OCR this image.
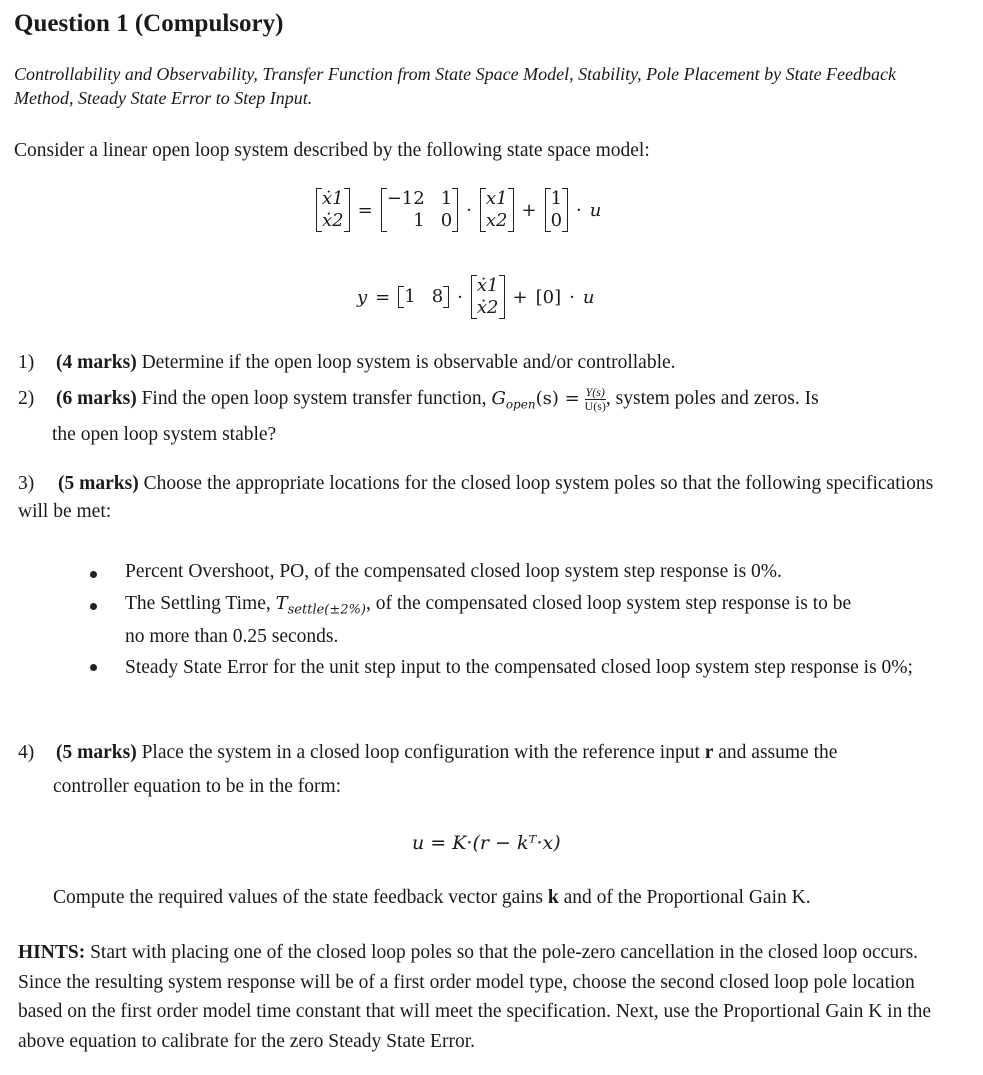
Question 1 (Compulsory)
Controllability and Observability, Transfer Function from State Space Model, Stability, Pole Placement by State Feedback Method, Steady State Error to Step Input.
Consider a linear open loop system described by the following state space model:
ẋ1
ẋ2 =
−12 1
1 0 ·
x1
x2 +
1
0 · u
y = 1 8 ·
ẋ1
ẋ2 + [0] · u
1) (4 marks) Determine if the open loop system is observable and/or controllable.
2) (6 marks) Find the open loop system transfer function, $G_{open}(s) = \frac{Y(s)}{U(s)}$ , system poles and zeros. Is
the open loop system stable?
3) (5 marks) Choose the appropriate locations for the closed loop system poles so that the following specifications will be met:
Percent Overshoot, PO, of the compensated closed loop system step response is 0%.
The Settling Time, $T_{settle(\pm 2\%)}$, of the compensated closed loop system step response is to be
no more than 0.25 seconds.
Steady State Error for the unit step input to the compensated closed loop system step response is 0%;
4) (5 marks) Place the system in a closed loop configuration with the reference input r and assume the
controller equation to be in the form:
u = K·(r − kᵀ·x)
Compute the required values of the state feedback vector gains k and of the Proportional Gain K.
HINTS: Start with placing one of the closed loop poles so that the pole-zero cancellation in the closed loop occurs. Since the resulting system response will be of a first order model type, choose the second closed loop pole location based on the first order model time constant that will meet the specification. Next, use the Proportional Gain K in the above equation to calibrate for the zero Steady State Error.
